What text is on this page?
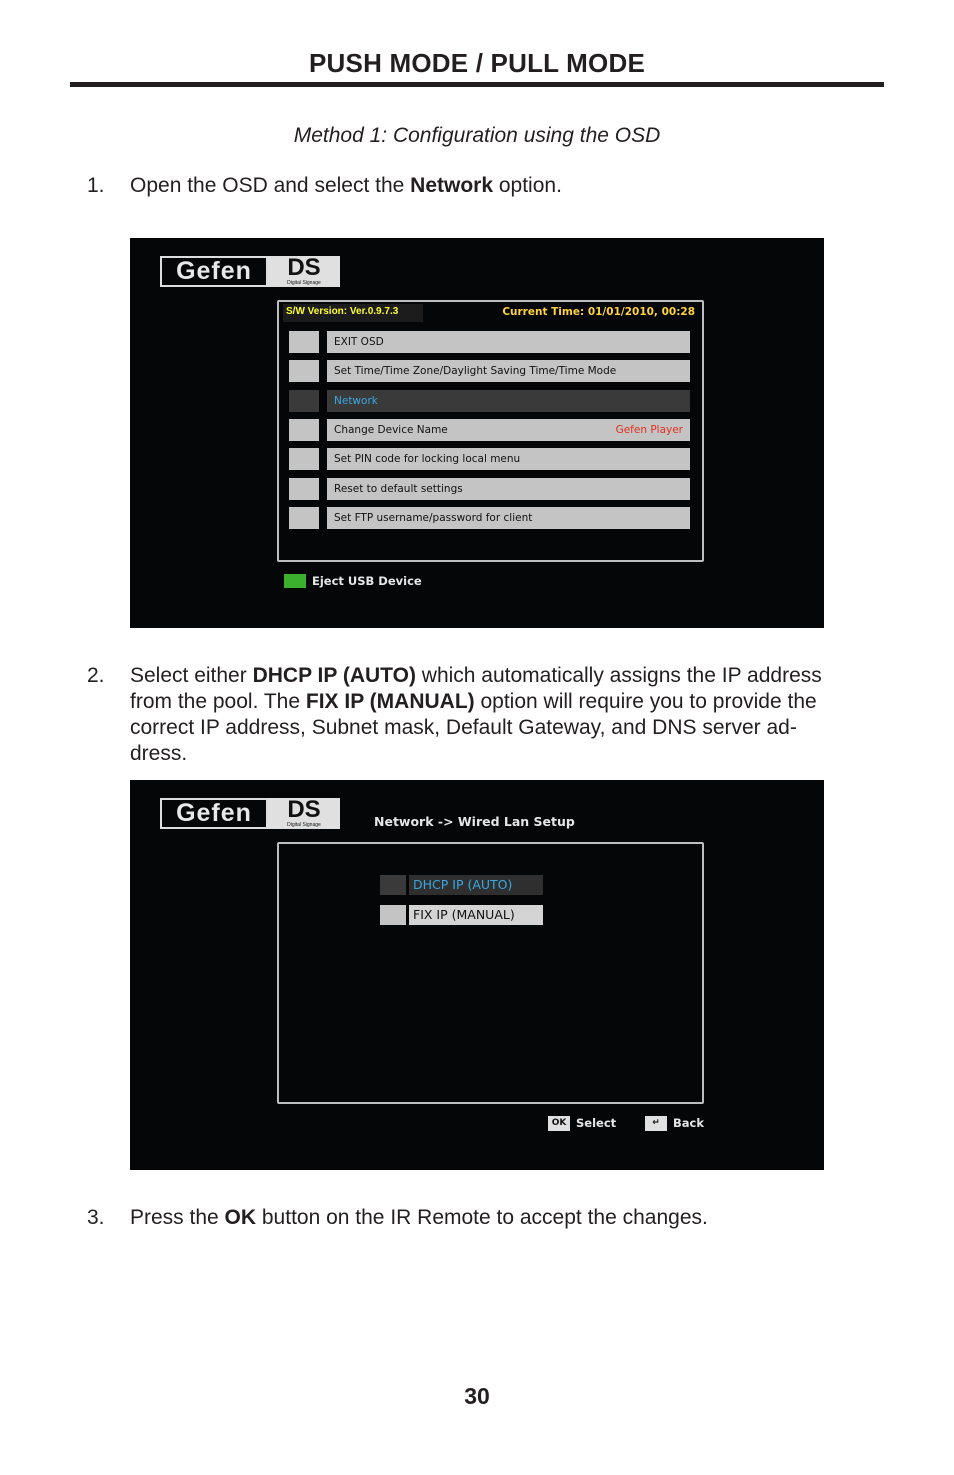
PUSH MODE / PULL MODE
Method 1: Configuration using the OSD
1. Open the OSD and select the Network option.
Gefen	DS
Digital Signage
S/W Version: Ver.0.9.7.3	Current Time: 01/01/2010, 00:28
EXIT OSD
Set Time/Time Zone/Daylight Saving Time/Time Mode
Network
Change Device Name	Gefen Player
Set PIN code for locking local menu
Reset to default settings
Set FTP username/password for client
Eject USB Device
2. Select either DHCP IP (AUTO) which automatically assigns the IP address from the pool. The FIX IP (MANUAL) option will require you to provide the correct IP address, Subnet mask, Default Gateway, and DNS server ad-dress.
Gefen	DS
Digital Signage	Network -> Wired Lan Setup
DHCP IP (AUTO)
FIX IP (MANUAL)
OK Select	↵	Back
3. Press the OK button on the IR Remote to accept the changes.
30
